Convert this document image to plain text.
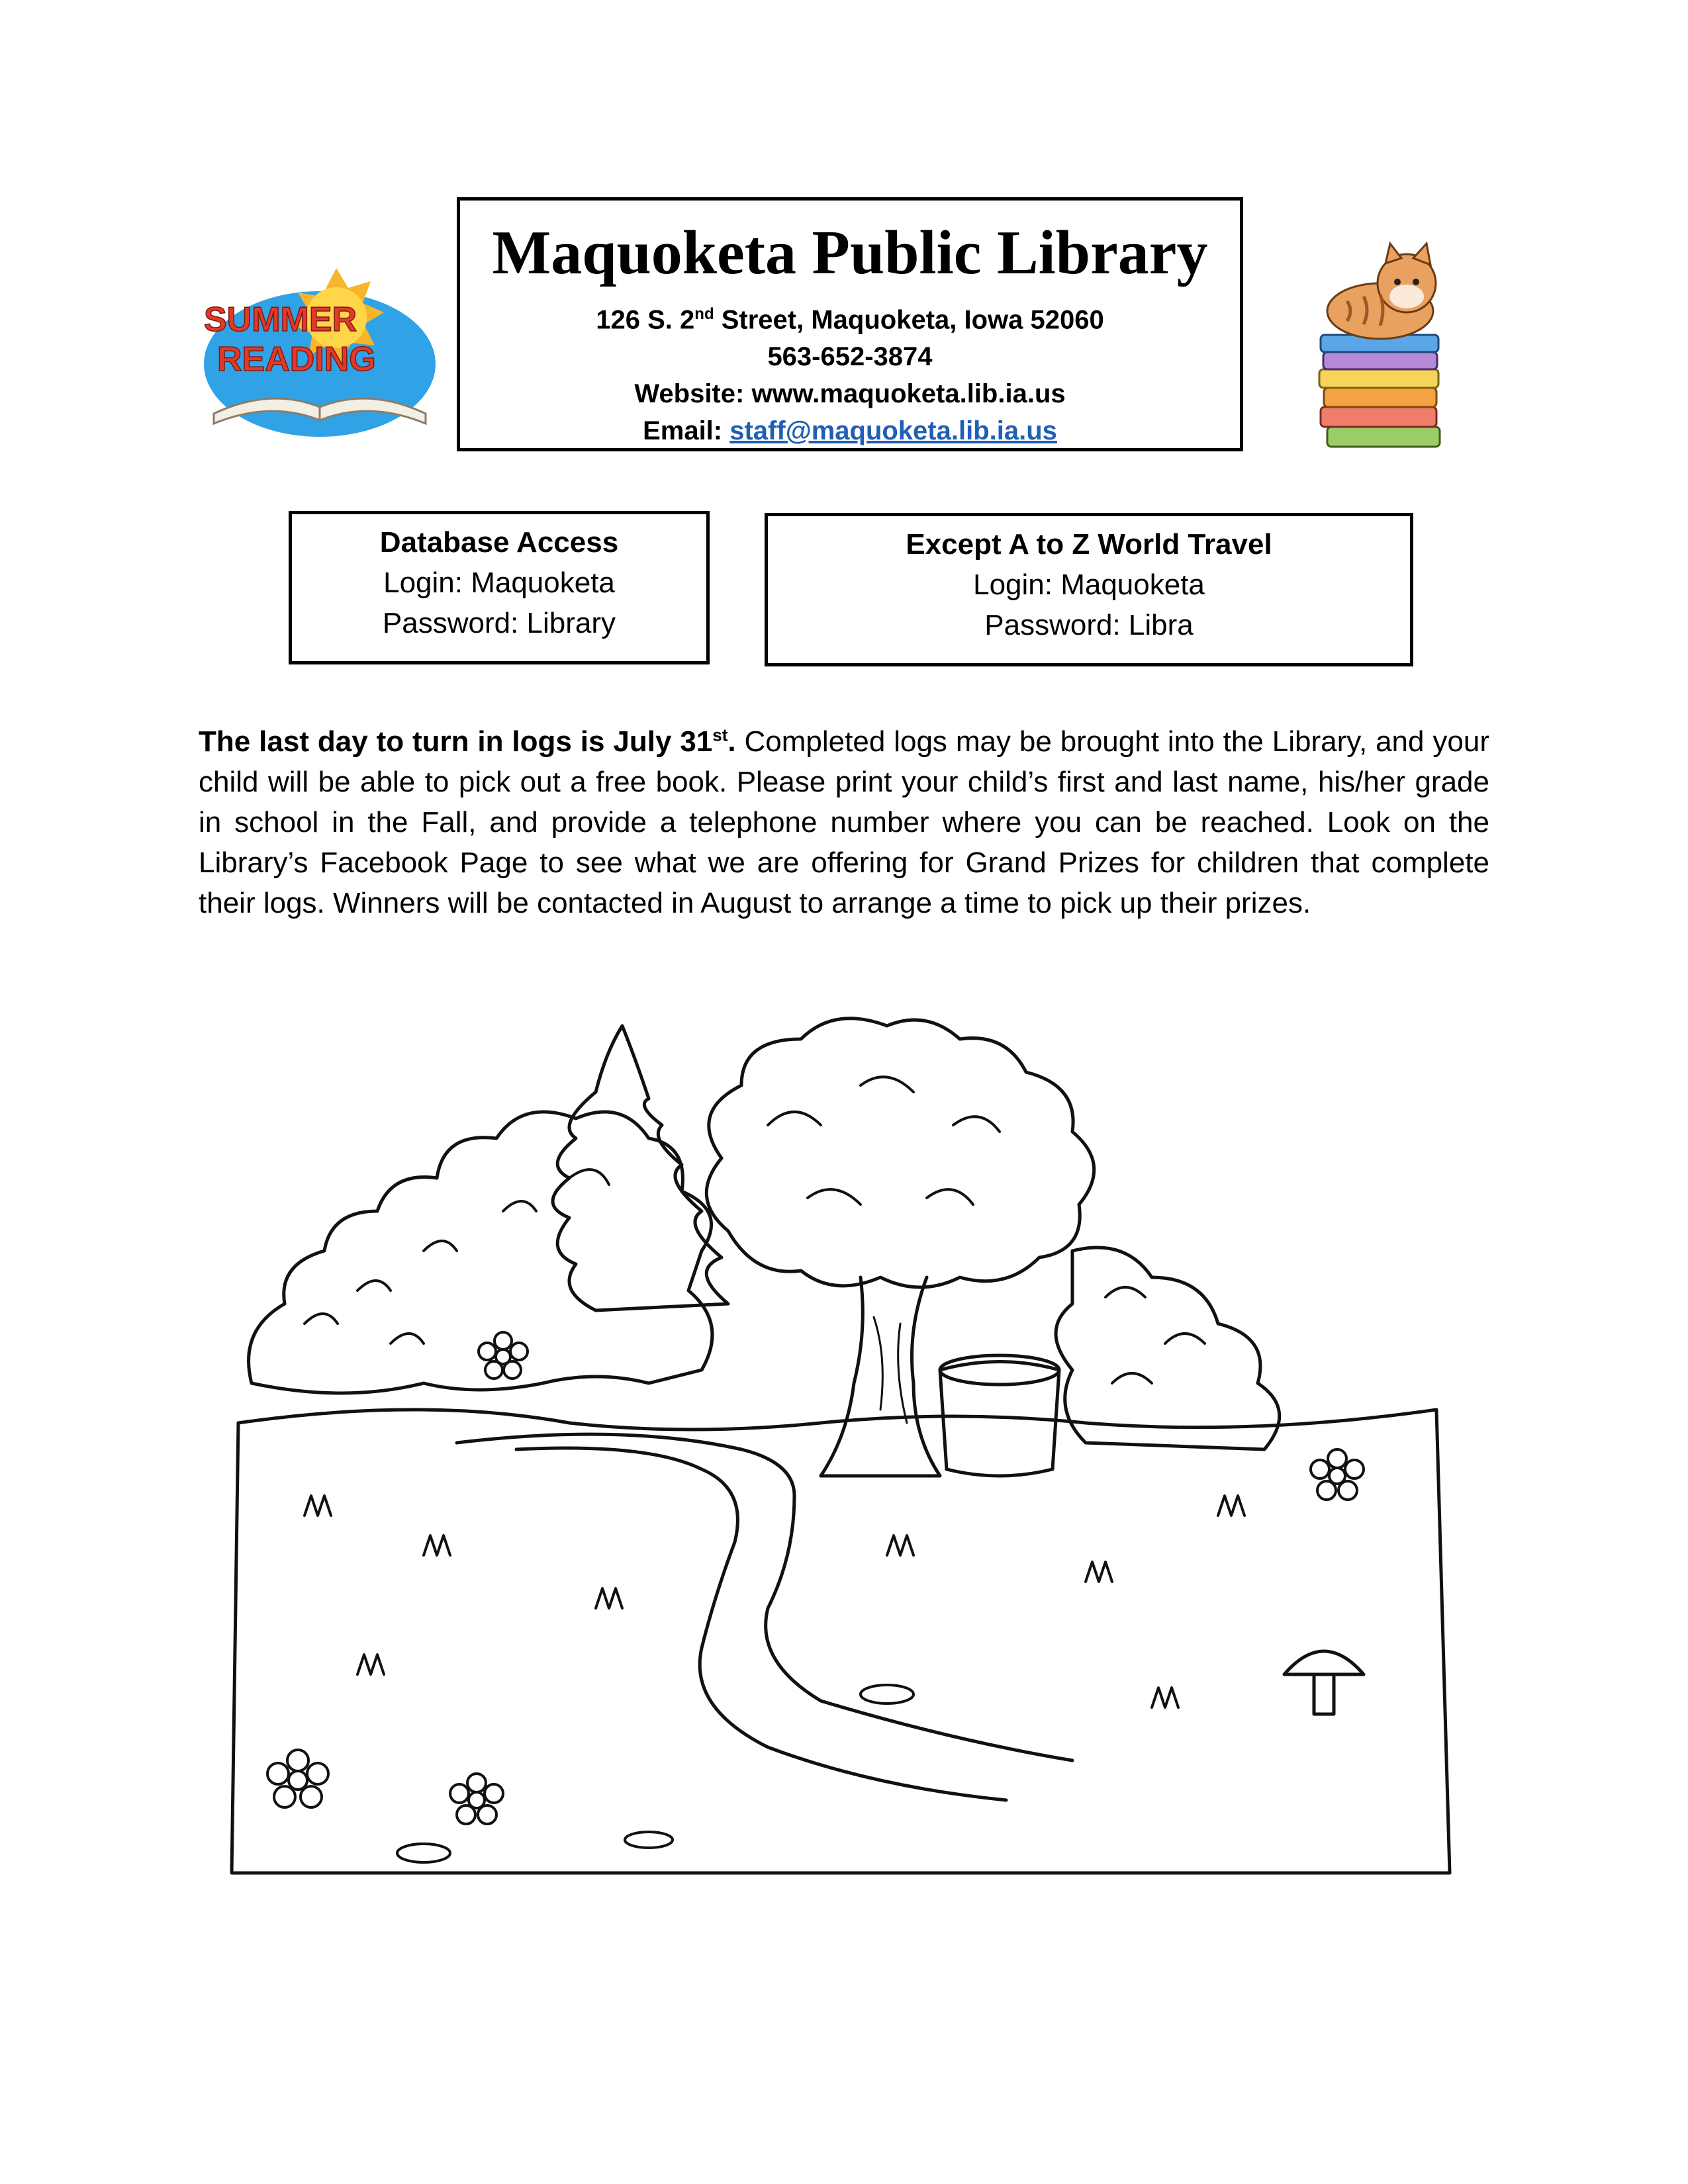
SUMMER
READING
Maquoketa Public Library
126 S. 2nd Street, Maquoketa, Iowa 52060
563-652-3874
Website: www.maquoketa.lib.ia.us
Email: staff@maquoketa.lib.ia.us
Database Access
Login: Maquoketa
Password: Library
Except A to Z World Travel
Login: Maquoketa
Password: Libra
The last day to turn in logs is July 31st. Completed logs may be brought into the Library, and your child will be able to pick out a free book. Please print your child’s first and last name, his/her grade in school in the Fall, and provide a telephone number where you can be reached. Look on the Library’s Facebook Page to see what we are offering for Grand Prizes for children that complete their logs. Winners will be contacted in August to arrange a time to pick up their prizes.
